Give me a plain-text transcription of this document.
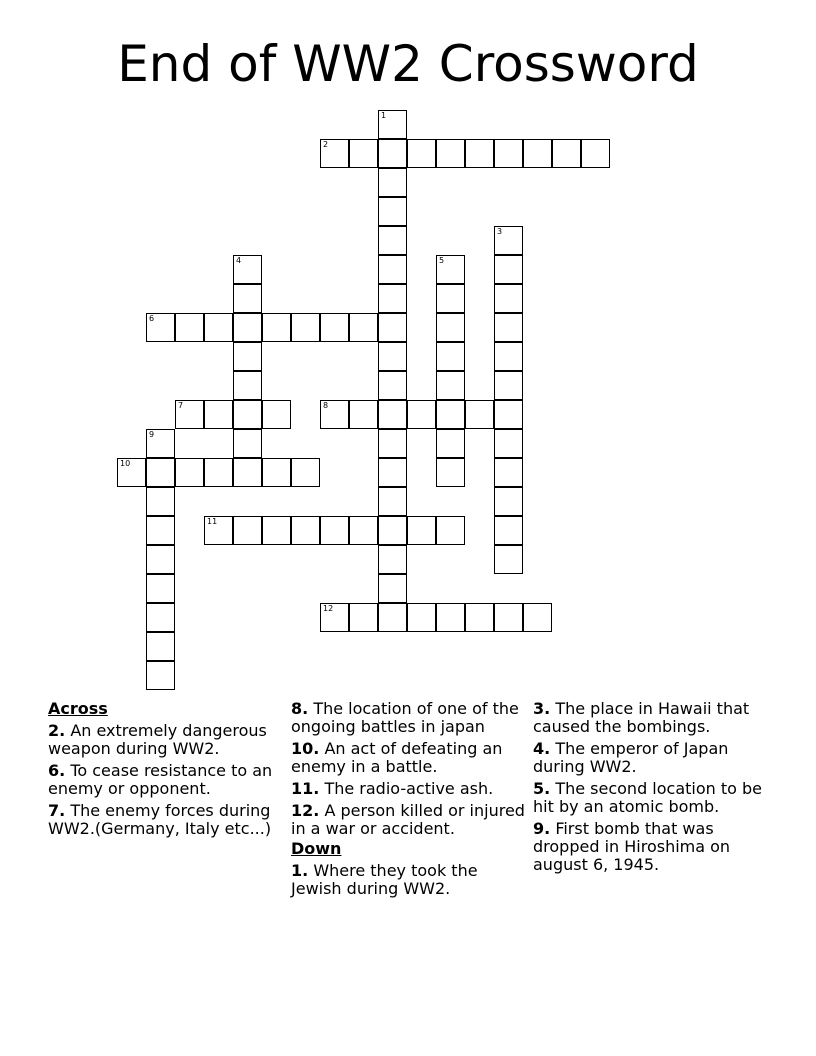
End of WW2 Crossword
1
2
3
4	5
6
7	8
9
10
11
12
Across
2. An extremely dangerous weapon during WW2.
6. To cease resistance to an enemy or opponent.
7. The enemy forces during WW2.(Germany, Italy etc...)
8. The location of one of the ongoing battles in japan
10. An act of defeating an enemy in a battle.
11. The radio-active ash.
12. A person killed or injured in a war or accident.
Down
1. Where they took the Jewish during WW2.
3. The place in Hawaii that caused the bombings.
4. The emperor of Japan during WW2.
5. The second location to be hit by an atomic bomb.
9. First bomb that was dropped in Hiroshima on august 6, 1945.
